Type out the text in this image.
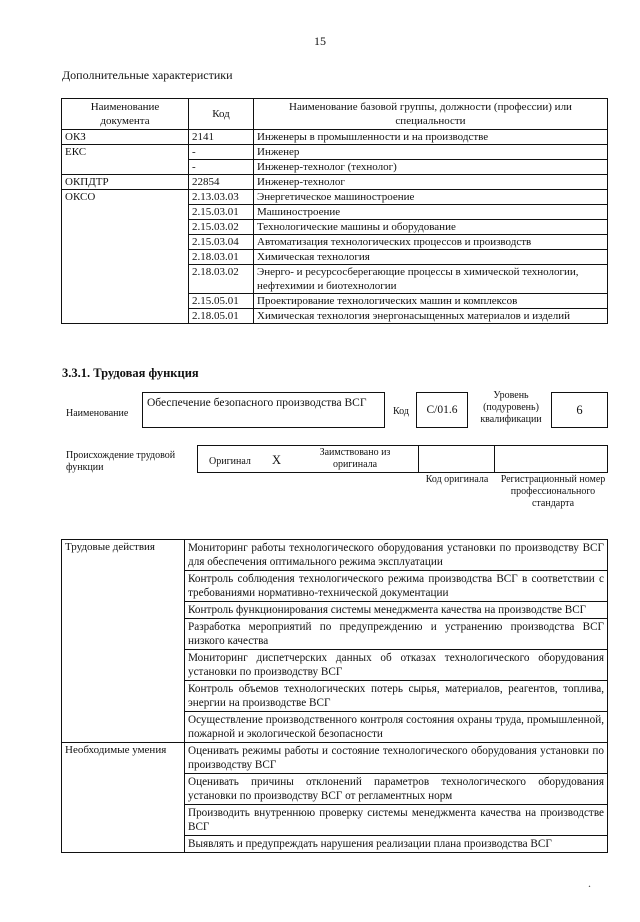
15
Дополнительные характеристики
Наименование документа	Код	Наименование базовой группы, должности (профессии) или специальности
ОКЗ	2141	Инженеры в промышленности и на производстве
ЕКС	-	Инженер
	-	Инженер-технолог (технолог)
ОКПДТР	22854	Инженер-технолог
ОКСО	2.13.03.03	Энергетическое машиностроение
	2.15.03.01	Машиностроение
	2.15.03.02	Технологические машины и оборудование
	2.15.03.04	Автоматизация технологических процессов и производств
	2.18.03.01	Химическая технология
	2.18.03.02	Энерго- и ресурсосберегающие процессы в химической технологии, нефтехимии и биотехнологии
	2.15.05.01	Проектирование технологических машин и комплексов
	2.18.05.01	Химическая технология энергонасыщенных материалов и изделий
3.3.1. Трудовая функция
Наименование
Обеспечение безопасного производства ВСГ
Код	C/01.6
Уровень (подуровень) квалификации
6
Происхождение трудовой функции
Оригинал X
Заимствовано из оригинала
Код оригинала	Регистрационный номер профессионального стандарта
Трудовые действия	Мониторинг работы технологического оборудования установки по производству ВСГ для обеспечения оптимального режима эксплуатации
	Контроль соблюдения технологического режима производства ВСГ в соответствии с требованиями нормативно-технической документации
	Контроль функционирования системы менеджмента качества на производстве ВСГ
	Разработка мероприятий по предупреждению и устранению производства ВСГ низкого качества
	Мониторинг диспетчерских данных об отказах технологического оборудования установки по производству ВСГ
	Контроль объемов технологических потерь сырья, материалов, реагентов, топлива, энергии на производстве ВСГ
	Осуществление производственного контроля состояния охраны труда, промышленной, пожарной и экологической безопасности
Необходимые умения	Оценивать режимы работы и состояние технологического оборудования установки по производству ВСГ
	Оценивать причины отклонений параметров технологического оборудования установки по производству ВСГ от регламентных норм
	Производить внутреннюю проверку системы менеджмента качества на производстве ВСГ
	Выявлять и предупреждать нарушения реализации плана производства ВСГ
.
